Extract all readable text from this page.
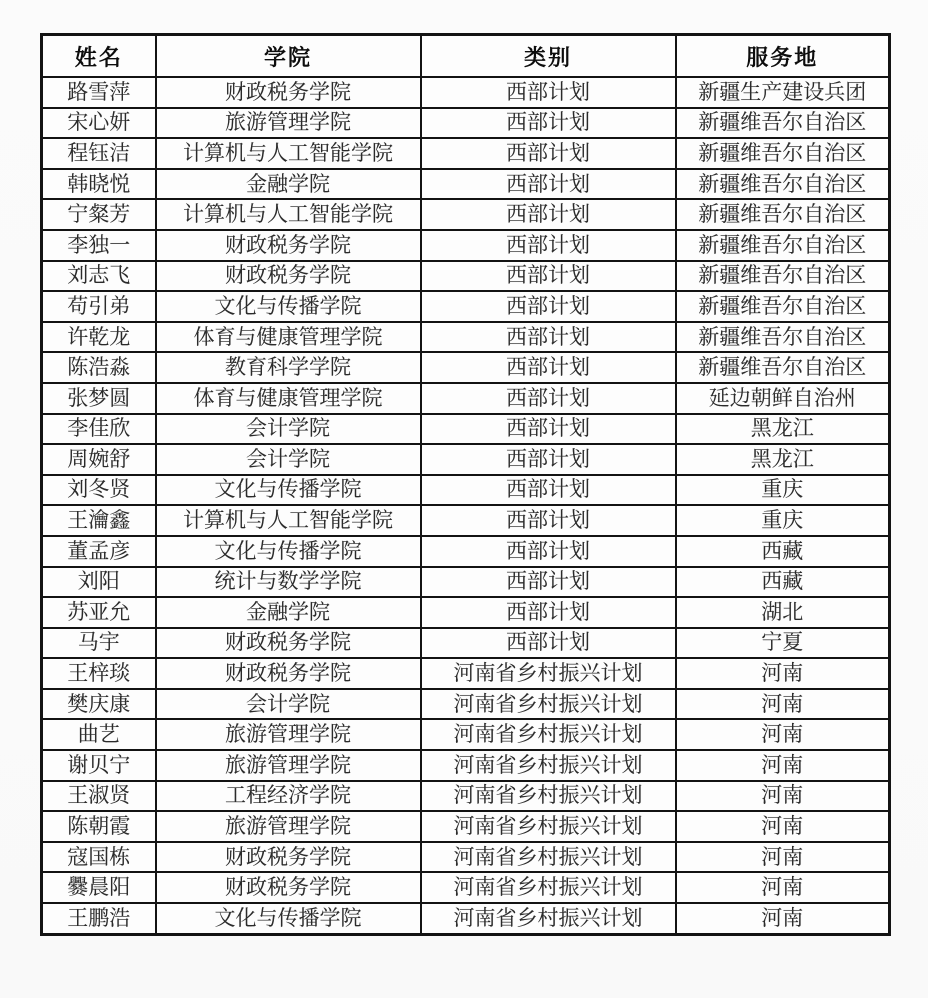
姓名	学院	类别	服务地
路雪萍	财政税务学院	西部计划	新疆生产建设兵团
宋心妍	旅游管理学院	西部计划	新疆维吾尔自治区
程钰洁	计算机与人工智能学院	西部计划	新疆维吾尔自治区
韩晓悦	金融学院	西部计划	新疆维吾尔自治区
宁粲芳	计算机与人工智能学院	西部计划	新疆维吾尔自治区
李独一	财政税务学院	西部计划	新疆维吾尔自治区
刘志飞	财政税务学院	西部计划	新疆维吾尔自治区
苟引弟	文化与传播学院	西部计划	新疆维吾尔自治区
许乾龙	体育与健康管理学院	西部计划	新疆维吾尔自治区
陈浩淼	教育科学学院	西部计划	新疆维吾尔自治区
张梦圆	体育与健康管理学院	西部计划	延边朝鲜自治州
李佳欣	会计学院	西部计划	黑龙江
周婉舒	会计学院	西部计划	黑龙江
刘冬贤	文化与传播学院	西部计划	重庆
王瀹鑫	计算机与人工智能学院	西部计划	重庆
董孟彦	文化与传播学院	西部计划	西藏
刘阳	统计与数学学院	西部计划	西藏
苏亚允	金融学院	西部计划	湖北
马宇	财政税务学院	西部计划	宁夏
王梓琰	财政税务学院	河南省乡村振兴计划	河南
樊庆康	会计学院	河南省乡村振兴计划	河南
曲艺	旅游管理学院	河南省乡村振兴计划	河南
谢贝宁	旅游管理学院	河南省乡村振兴计划	河南
王淑贤	工程经济学院	河南省乡村振兴计划	河南
陈朝霞	旅游管理学院	河南省乡村振兴计划	河南
寇国栋	财政税务学院	河南省乡村振兴计划	河南
爨晨阳	财政税务学院	河南省乡村振兴计划	河南
王鹏浩	文化与传播学院	河南省乡村振兴计划	河南
